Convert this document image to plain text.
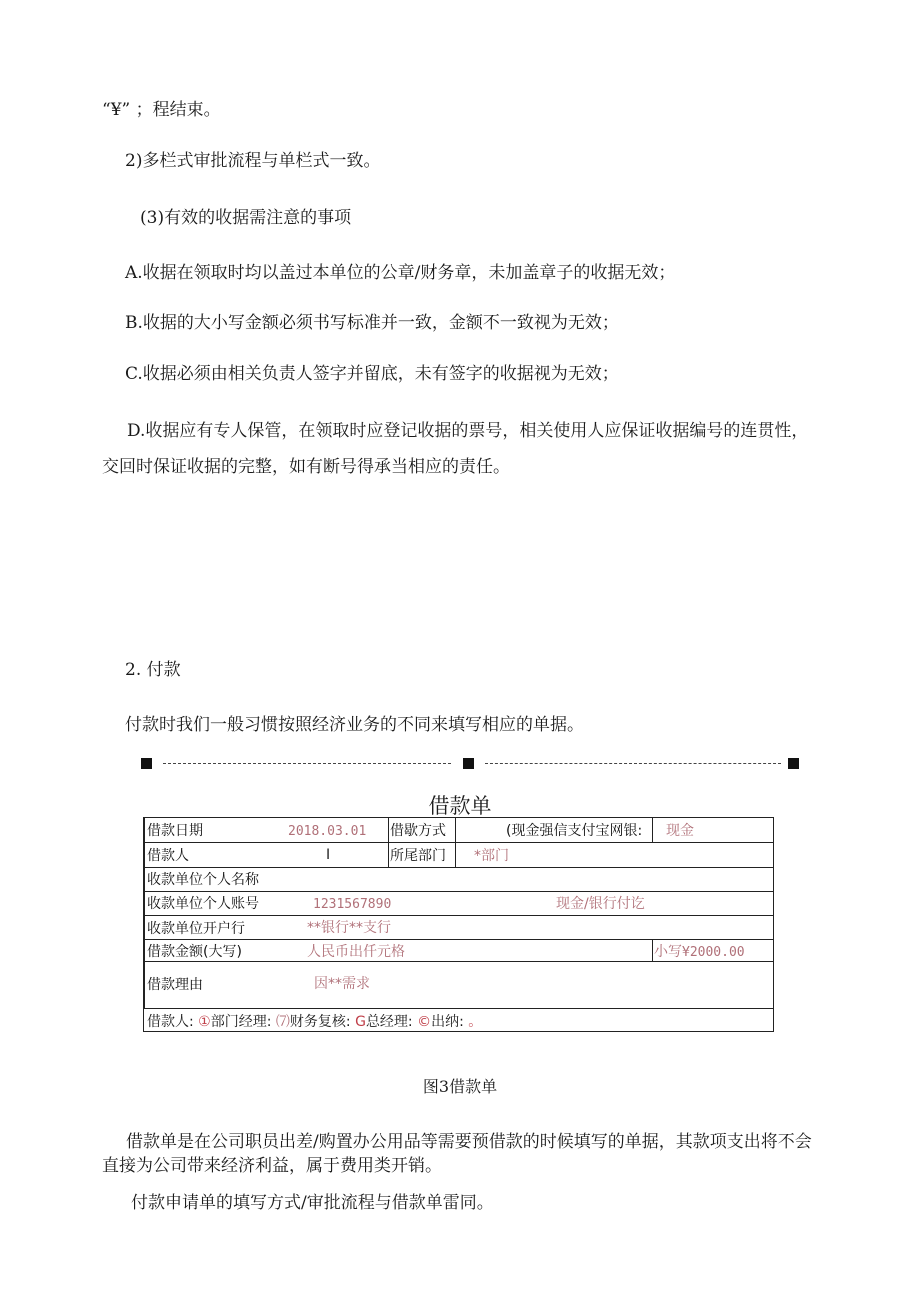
“¥” ；程结束。

2)多栏式审批流程与单栏式一致。

(3)有效的收据需注意的事项

A.收据在领取时均以盖过本单位的公章/财务章，未加盖章子的收据无效；

B.收据的大小写金额必须书写标准并一致，金额不一致视为无效；

C.收据必须由相关负责人签字并留底，未有签字的收据视为无效；

D.收据应有专人保管，在领取时应登记收据的票号，相关使用人应保证收据编号的连贯性，交回时保证收据的完整，如有断号得承当相应的责任。

2. 付款

付款时我们一般习惯按照经济业务的不同来填写相应的单据。

借款单
借款日期	2018.03.01 借歇方式	(现金强信支付宝网银: 现金
借款人	I	所尾部门 *部门
收款单位个人名称
收款单位个人账号	1231567890	现金/银行付讫
收款单位开户行	**银行**支行
借款金额(大写)	人民币出仟元格	小写 ¥2000.00
借款理由	因**需求
借款人: ①部门经理: ⑺财务复核: G总经理: ©出纳: 。
图3借款单

借款单是在公司职员出差/购置办公用品等需要预借款的时候填写的单据，其款项支出将不会直接为公司带来经济利益，属于费用类开销。

付款申请单的填写方式/审批流程与借款单雷同。
